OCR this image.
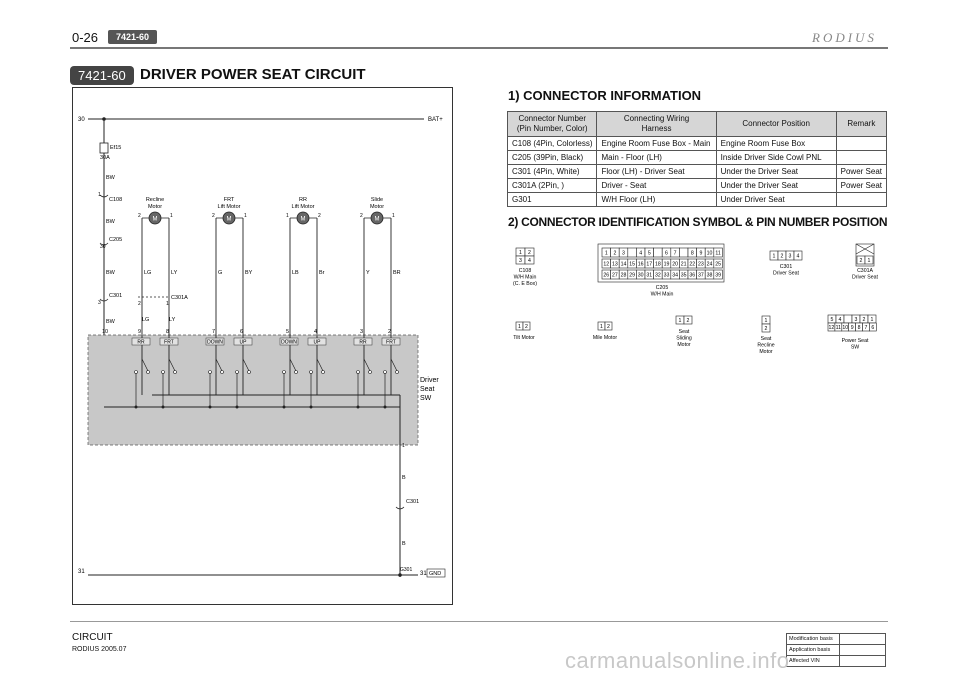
0-26	7421-60	RODIUS
7421-60 DRIVER POWER SEAT CIRCUIT
30	BAT+
Ef15
30A
BW
1
C108
BW
30
C205
BW
3
C301
BW
10
C301A
2	1
LG	LY
Driver
Seat
SW
B
1
C301
B
31	G301
31 GND
Recline
Motor
M
2	1
LG	LY
9	8
RR	FRT
FRT
Lift Motor
M
2	1
G	BY
7	6
DOWN	UP
RR
Lift Motor
M
1	2
LB	Br
5	4
DOWN	UP
Slide
Motor
M
2	1
Y	BR
3	2
RR	FRT
1) CONNECTOR INFORMATION
Connector Number
(Pin Number, Color)	Connecting Wiring
Harness	Connector Position	Remark
C108 (4Pin, Colorless)	Engine Room Fuse Box - Main	Engine Room Fuse Box	
C205 (39Pin, Black)	Main - Floor (LH)	Inside Driver Side Cowl PNL	
C301 (4Pin, White)	Floor (LH) - Driver Seat	Under the Driver Seat	Power Seat
C301A (2Pin, )	Driver - Seat	Under the Driver Seat	Power Seat
G301	W/H Floor (LH)	Under Driver Seat	
2) CONNECTOR IDENTIFICATION SYMBOL & PIN NUMBER POSITION
1 2
3 4
C108
W/H Main
(C. E Box)
1 2 3	4 5	6 7	8 9 10 11
12 13 14 15 16 17 18 19 20 21 22 23 24 25
26 27 28 29 30 31 32 33 34 35 36 37 38 39
C205
W/H Main
1 2 3 4
C301
Driver Seat
2 1
C301A
Driver Seat
1 2
Tilt Motor
1 2
Mile Motor
1 2
Seat
Sliding
Motor
1
2
Seat
Recline
Motor
5 4	3 2 1
12 11 10 9 8 7 6
Power Seat
SW
CIRCUIT
RODIUS 2005.07
Modification basis	
Application basis	
Affected VIN	
carmanualsonline.info
